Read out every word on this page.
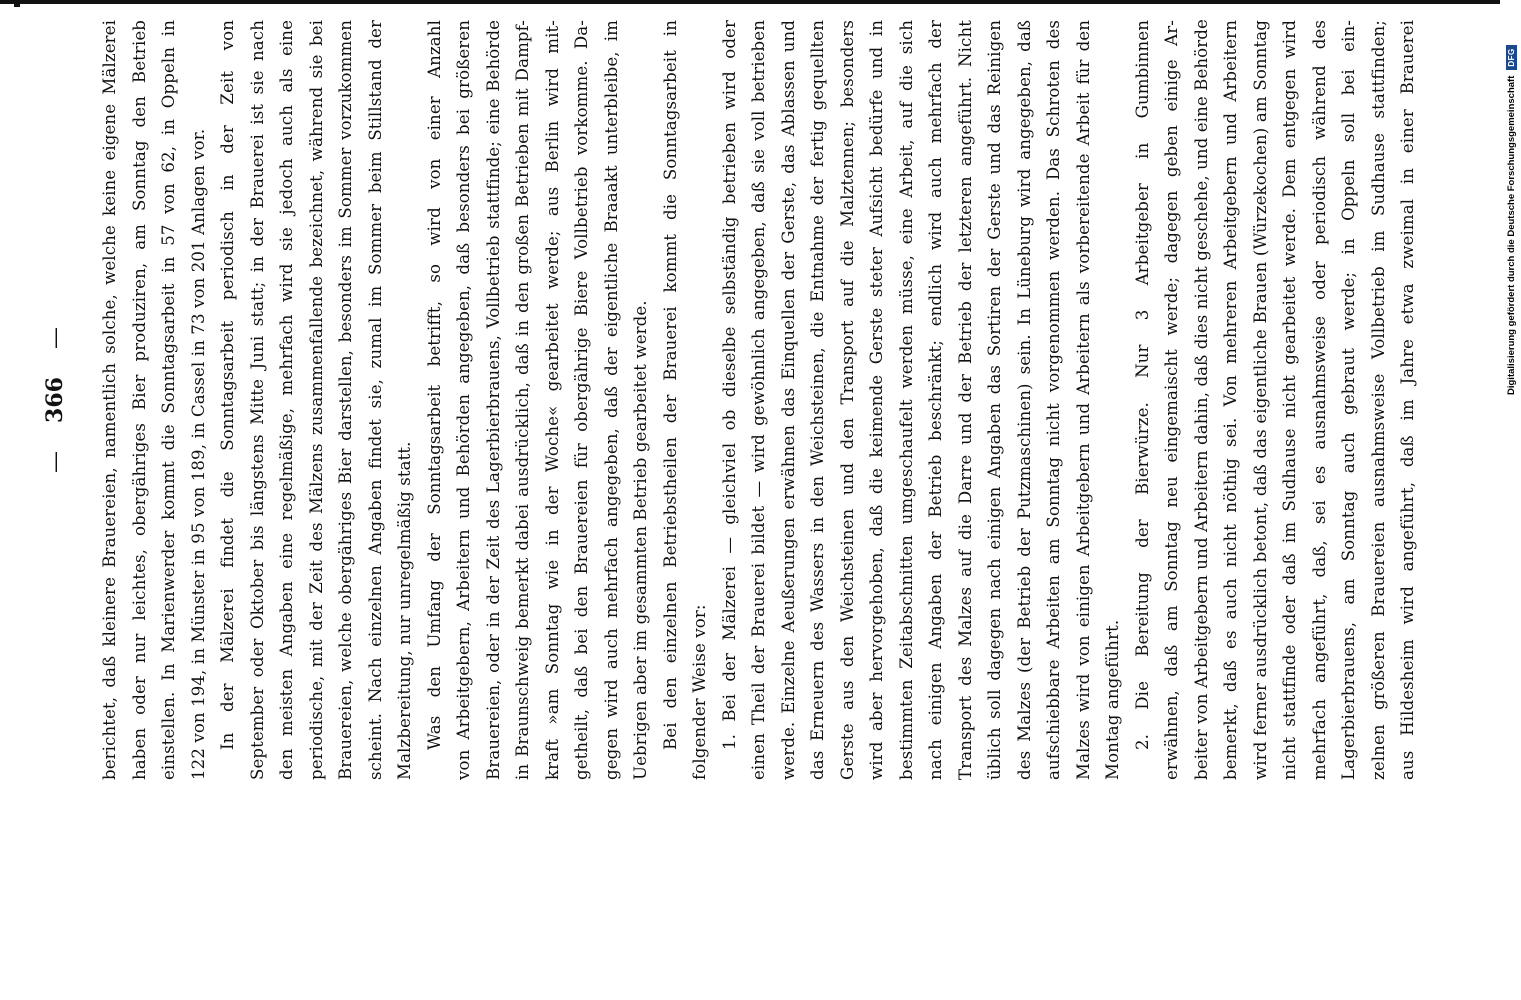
—
366
—	berichtet, daß kleinere Brauereien, namentlich solche, welche keine eigene Mälzerei haben oder nur leichtes, obergähriges Bier produziren, am Sonntag den Betrieb einstellen. In Marienwerder kommt die Sonntagsarbeit in 57 von 62, in Oppeln in 122 von 194, in Münster in 95 von 189, in Cassel in 73 von 201 Anlagen vor. In der Mälzerei findet die Sonntagsarbeit periodisch in der Zeit von September oder Oktober bis längstens Mitte Juni statt; in der Brauerei ist sie nach den meisten Angaben eine regelmäßige, mehrfach wird sie jedoch auch als eine periodische, mit der Zeit des Mälzens zusammenfallende bezeichnet, während sie bei Brauereien, welche obergähriges Bier darstellen, besonders im Sommer vorzukommen scheint. Nach einzelnen Angaben findet sie, zumal im Sommer beim Stillstand der Malzbereitung, nur unregelmäßig statt. Was den Umfang der Sonntagsarbeit betrifft, so wird von einer Anzahl von Arbeitgebern, Arbeitern und Behörden angegeben, daß besonders bei größeren Brauereien, oder in der Zeit des Lagerbierbrauens, Vollbetrieb stattfinde; eine Behörde in Braunschweig bemerkt dabei ausdrücklich, daß in den großen Betrieben mit Dampf- kraft »am Sonntag wie in der Woche« gearbeitet werde; aus Berlin wird mit- getheilt, daß bei den Brauereien für obergährige Biere Vollbetrieb vorkomme. Da- gegen wird auch mehrfach angegeben, daß der eigentliche Braaakt unterbleibe, im Uebrigen aber im gesammten Betrieb gearbeitet werde. Bei den einzelnen Betriebstheilen der Brauerei kommt die Sonntagsarbeit in folgender Weise vor: 1. Bei der Mälzerei — gleichviel ob dieselbe selbständig betrieben wird oder einen Theil der Brauerei bildet — wird gewöhnlich angegeben, daß sie voll betrieben werde. Einzelne Aeußerungen erwähnen das Einquellen der Gerste, das Ablassen und das Erneuern des Wassers in den Weichsteinen, die Entnahme der fertig gequellten Gerste aus den Weichsteinen und den Transport auf die Malztennen; besonders wird aber hervorgehoben, daß die keimende Gerste steter Aufsicht bedürfe und in bestimmten Zeitabschnitten umgeschaufelt werden müsse, eine Arbeit, auf die sich nach einigen Angaben der Betrieb beschränkt; endlich wird auch mehrfach der Transport des Malzes auf die Darre und der Betrieb der letzteren angeführt. Nicht üblich soll dagegen nach einigen Angaben das Sortiren der Gerste und das Reinigen des Malzes (der Betrieb der Putzmaschinen) sein. In Lüneburg wird angegeben, daß aufschiebbare Arbeiten am Sonntag nicht vorgenommen werden. Das Schroten des Malzes wird von einigen Arbeitgebern und Arbeitern als vorbereitende Arbeit für den Montag angeführt. 2. Die Bereitung der Bierwürze. Nur 3 Arbeitgeber in Gumbinnen erwähnen, daß am Sonntag neu eingemaischt werde; dagegen geben einige Ar- beiter von Arbeitgebern und Arbeitern dahin, daß dies nicht geschehe, und eine Behörde bemerkt, daß es auch nicht nöthig sei. Von mehreren Arbeitgebern und Arbeitern wird ferner ausdrücklich betont, daß das eigentliche Brauen (Würzekochen) am Sonntag nicht stattfinde oder daß im Sudhause nicht gearbeitet werde. Dem entgegen wird mehrfach angeführt, daß, sei es ausnahmsweise oder periodisch während des Lagerbierbrauens, am Sonntag auch gebraut werde; in Oppeln soll bei ein- zelnen größeren Brauereien ausnahmsweise Vollbetrieb im Sudhause stattfinden; aus Hildesheim wird angeführt, daß im Jahre etwa zweimal in einer Brauerei	Digitalisierung gefördert durch die Deutsche Forschungsgemeinschaft
DFG
